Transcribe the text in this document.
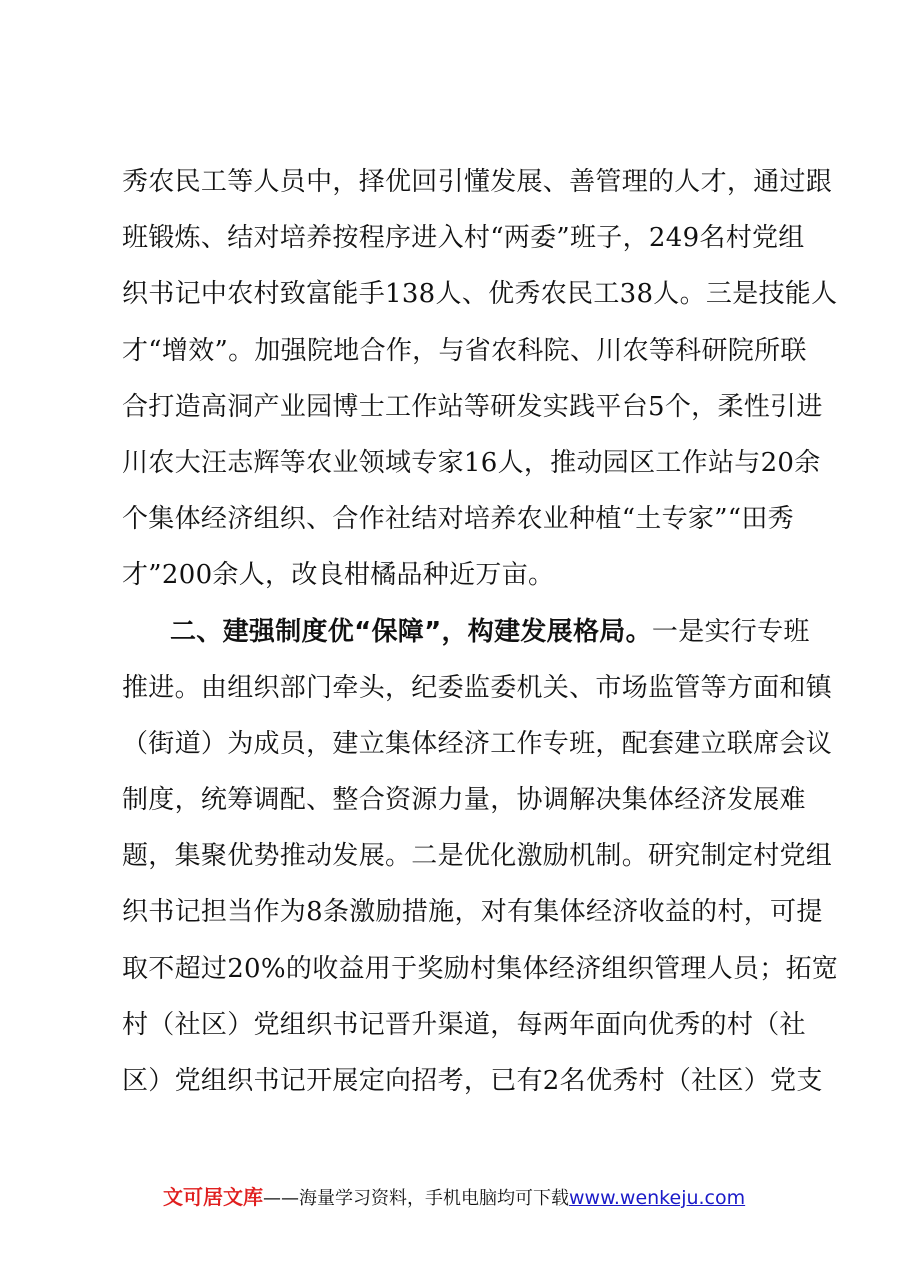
秀农民工等人员中，择优回引懂发展、善管理的人才，通过跟
班锻炼、结对培养按程序进入村“两委”班子，249名村党组
织书记中农村致富能手138人、优秀农民工38人。三是技能人
才“增效”。加强院地合作，与省农科院、川农等科研院所联
合打造高洞产业园博士工作站等研发实践平台5个，柔性引进
川农大汪志辉等农业领域专家16人，推动园区工作站与20余
个集体经济组织、合作社结对培养农业种植“土专家”“田秀
才”200余人，改良柑橘品种近万亩。
二、建强制度优“保障”，构建发展格局。一是实行专班
推进。由组织部门牵头，纪委监委机关、市场监管等方面和镇
（街道）为成员，建立集体经济工作专班，配套建立联席会议
制度，统筹调配、整合资源力量，协调解决集体经济发展难
题，集聚优势推动发展。二是优化激励机制。研究制定村党组
织书记担当作为8条激励措施，对有集体经济收益的村，可提
取不超过20%的收益用于奖励村集体经济组织管理人员；拓宽
村（社区）党组织书记晋升渠道，每两年面向优秀的村（社
区）党组织书记开展定向招考，已有2名优秀村（社区）党支
文可居文库——海量学习资料，手机电脑均可下载www.wenkeju.com
